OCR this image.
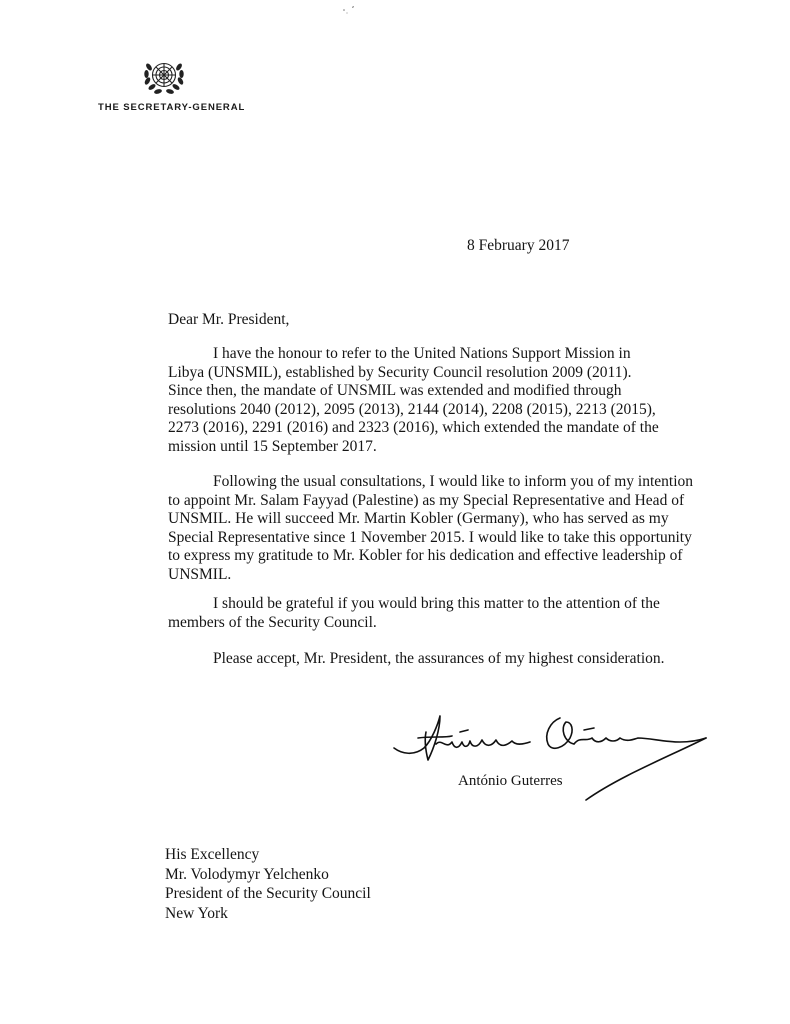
THE SECRETARY-GENERAL
8 February 2017
Dear Mr. President,

I have the honour to refer to the United Nations Support Mission in
Libya (UNSMIL), established by Security Council resolution 2009 (2011).
Since then, the mandate of UNSMIL was extended and modified through
resolutions 2040 (2012), 2095 (2013), 2144 (2014), 2208 (2015), 2213 (2015),
2273 (2016), 2291 (2016) and 2323 (2016), which extended the mandate of the
mission until 15 September 2017.

Following the usual consultations, I would like to inform you of my intention
to appoint Mr. Salam Fayyad (Palestine) as my Special Representative and Head of
UNSMIL. He will succeed Mr. Martin Kobler (Germany), who has served as my
Special Representative since 1 November 2015. I would like to take this opportunity
to express my gratitude to Mr. Kobler for his dedication and effective leadership of
UNSMIL.

I should be grateful if you would bring this matter to the attention of the
members of the Security Council.

Please accept, Mr. President, the assurances of my highest consideration.

António Guterres
His Excellency
Mr. Volodymyr Yelchenko
President of the Security Council
New York
